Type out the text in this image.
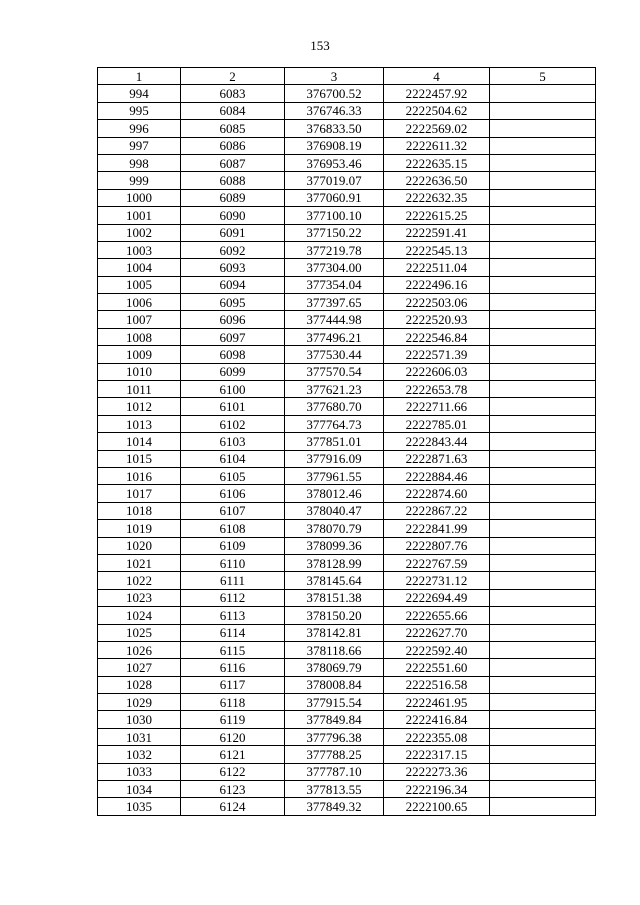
153
1	2	3	4	5
994	6083	376700.52	2222457.92	
995	6084	376746.33	2222504.62	
996	6085	376833.50	2222569.02	
997	6086	376908.19	2222611.32	
998	6087	376953.46	2222635.15	
999	6088	377019.07	2222636.50	
1000	6089	377060.91	2222632.35	
1001	6090	377100.10	2222615.25	
1002	6091	377150.22	2222591.41	
1003	6092	377219.78	2222545.13	
1004	6093	377304.00	2222511.04	
1005	6094	377354.04	2222496.16	
1006	6095	377397.65	2222503.06	
1007	6096	377444.98	2222520.93	
1008	6097	377496.21	2222546.84	
1009	6098	377530.44	2222571.39	
1010	6099	377570.54	2222606.03	
1011	6100	377621.23	2222653.78	
1012	6101	377680.70	2222711.66	
1013	6102	377764.73	2222785.01	
1014	6103	377851.01	2222843.44	
1015	6104	377916.09	2222871.63	
1016	6105	377961.55	2222884.46	
1017	6106	378012.46	2222874.60	
1018	6107	378040.47	2222867.22	
1019	6108	378070.79	2222841.99	
1020	6109	378099.36	2222807.76	
1021	6110	378128.99	2222767.59	
1022	6111	378145.64	2222731.12	
1023	6112	378151.38	2222694.49	
1024	6113	378150.20	2222655.66	
1025	6114	378142.81	2222627.70	
1026	6115	378118.66	2222592.40	
1027	6116	378069.79	2222551.60	
1028	6117	378008.84	2222516.58	
1029	6118	377915.54	2222461.95	
1030	6119	377849.84	2222416.84	
1031	6120	377796.38	2222355.08	
1032	6121	377788.25	2222317.15	
1033	6122	377787.10	2222273.36	
1034	6123	377813.55	2222196.34	
1035	6124	377849.32	2222100.65	
